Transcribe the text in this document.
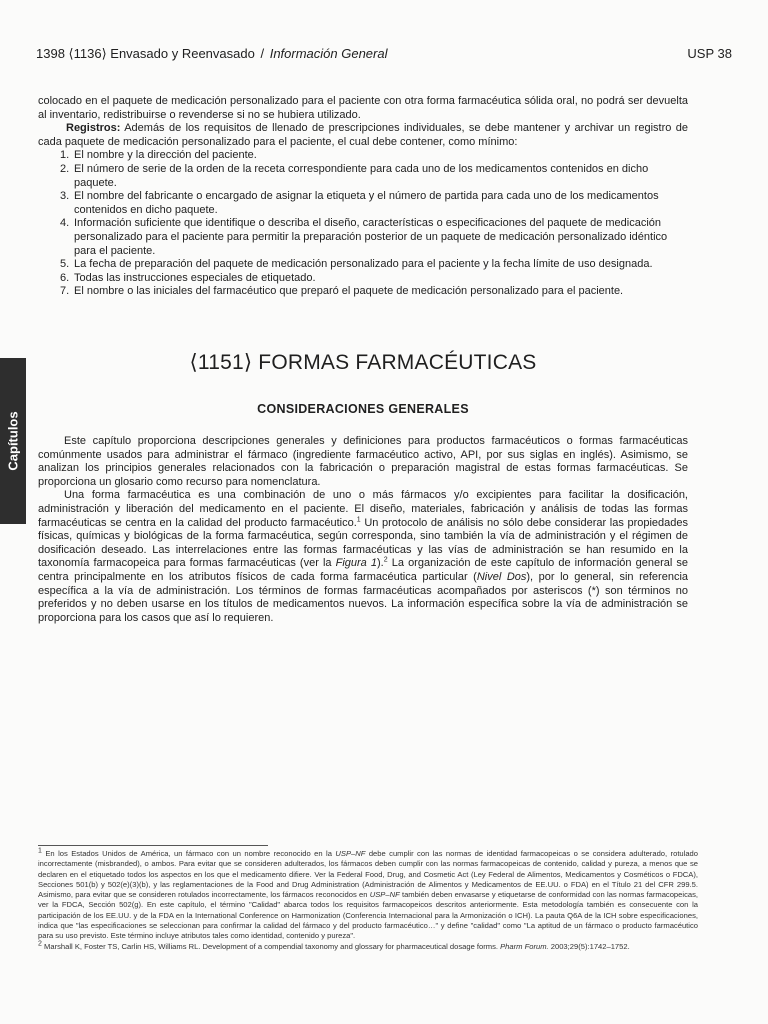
1398 ⟨1136⟩ Envasado y Reenvasado / Información General	USP 38

colocado en el paquete de medicación personalizado para el paciente con otra forma farmacéutica sólida oral, no podrá ser devuelta al inventario, redistribuirse o revenderse si no se hubiera utilizado.

Registros: Además de los requisitos de llenado de prescripciones individuales, se debe mantener y archivar un registro de cada paquete de medicación personalizado para el paciente, el cual debe contener, como mínimo:

1. El nombre y la dirección del paciente.
2. El número de serie de la orden de la receta correspondiente para cada uno de los medicamentos contenidos en dicho paquete.
3. El nombre del fabricante o encargado de asignar la etiqueta y el número de partida para cada uno de los medicamentos contenidos en dicho paquete.
4. Información suficiente que identifique o describa el diseño, características o especificaciones del paquete de medicación personalizado para el paciente para permitir la preparación posterior de un paquete de medicación personalizado idéntico para el paciente.
5. La fecha de preparación del paquete de medicación personalizado para el paciente y la fecha límite de uso designada.
6. Todas las instrucciones especiales de etiquetado.
7. El nombre o las iniciales del farmacéutico que preparó el paquete de medicación personalizado para el paciente.
Capítulos
⟨1151⟩ FORMAS FARMACÉUTICAS
CONSIDERACIONES GENERALES

Este capítulo proporciona descripciones generales y definiciones para productos farmacéuticos o formas farmacéuticas comúnmente usados para administrar el fármaco (ingrediente farmacéutico activo, API, por sus siglas en inglés). Asimismo, se analizan los principios generales relacionados con la fabricación o preparación magistral de estas formas farmacéuticas. Se proporciona un glosario como recurso para nomenclatura.

Una forma farmacéutica es una combinación de uno o más fármacos y/o excipientes para facilitar la dosificación, administración y liberación del medicamento en el paciente. El diseño, materiales, fabricación y análisis de todas las formas farmacéuticas se centra en la calidad del producto farmacéutico.$^1$ Un protocolo de análisis no sólo debe considerar las propiedades físicas, químicas y biológicas de la forma farmacéutica, según corresponda, sino también la vía de administración y el régimen de dosificación deseado. Las interrelaciones entre las formas farmacéuticas y las vías de administración se han resumido en la taxonomía farmacopeica para formas farmacéuticas (ver la Figura 1).$^2$ La organización de este capítulo de información general se centra principalmente en los atributos físicos de cada forma farmacéutica particular (Nivel Dos), por lo general, sin referencia específica a la vía de administración. Los términos de formas farmacéuticas acompañados por asteriscos (*) son términos no preferidos y no deben usarse en los títulos de medicamentos nuevos. La información específica sobre la vía de administración se proporciona para los casos que así lo requieren.

$^1$ En los Estados Unidos de América, un fármaco con un nombre reconocido en la USP–NF debe cumplir con las normas de identidad farmacopeicas o se considera adulterado, rotulado incorrectamente (misbranded), o ambos. Para evitar que se consideren adulterados, los fármacos deben cumplir con las normas farmacopeicas de contenido, calidad y pureza, a menos que se declaren en el etiquetado todos los aspectos en los que el medicamento difiere. Ver la Federal Food, Drug, and Cosmetic Act (Ley Federal de Alimentos, Medicamentos y Cosméticos o FDCA), Secciones 501(b) y 502(e)(3)(b), y las reglamentaciones de la Food and Drug Administration (Administración de Alimentos y Medicamentos de EE.UU. o FDA) en el Título 21 del CFR 299.5. Asimismo, para evitar que se consideren rotulados incorrectamente, los fármacos reconocidos en USP–NF también deben envasarse y etiquetarse de conformidad con las normas farmacopeicas, ver la FDCA, Sección 502(g). En este capítulo, el término "Calidad" abarca todos los requisitos farmacopeicos descritos anteriormente. Esta metodología también es consecuente con la participación de los EE.UU. y de la FDA en la International Conference on Harmonization (Conferencia Internacional para la Armonización o ICH). La pauta Q6A de la ICH sobre especificaciones, indica que "las especificaciones se seleccionan para confirmar la calidad del fármaco y del producto farmacéutico…" y define "calidad" como "La aptitud de un fármaco o producto farmacéutico para su uso previsto. Este término incluye atributos tales como identidad, contenido y pureza".

$^2$ Marshall K, Foster TS, Carlin HS, Williams RL. Development of a compendial taxonomy and glossary for pharmaceutical dosage forms. Pharm Forum. 2003;29(5):1742–1752.
